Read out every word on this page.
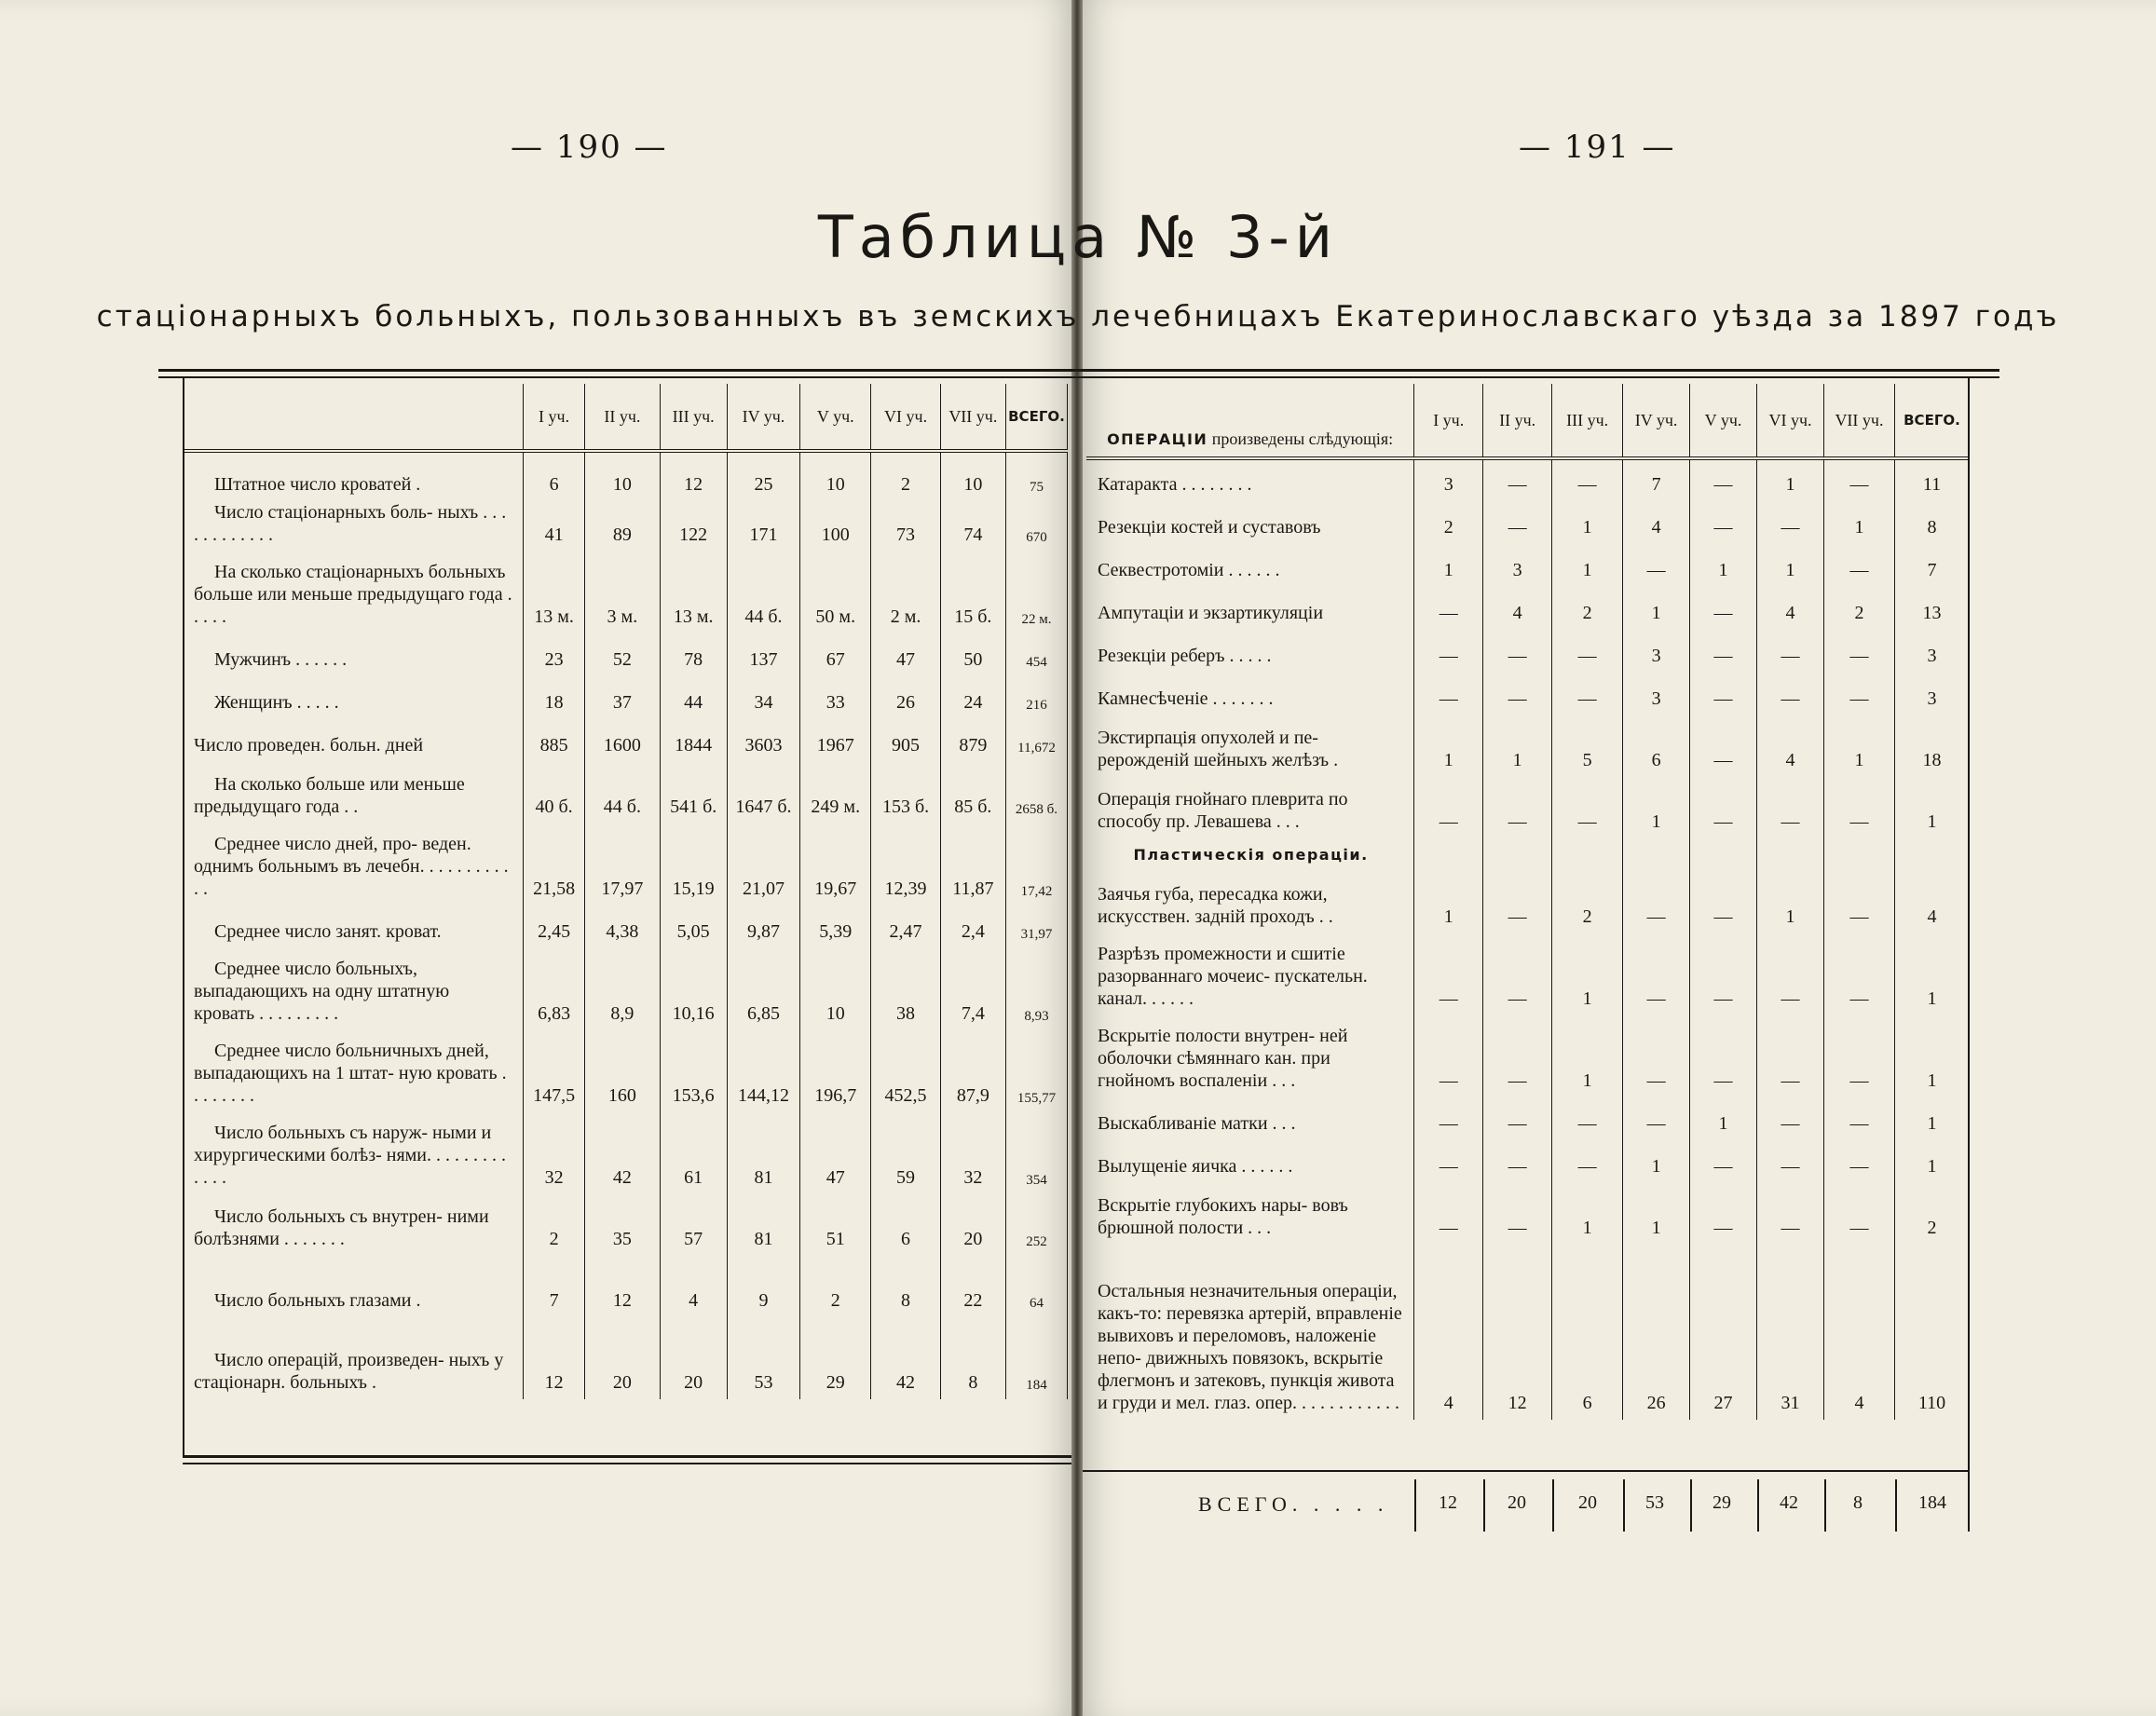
— 190 —	— 191 —
Таблица № 3-й
стаціонарныхъ больныхъ, пользованныхъ въ земскихъ лечебницахъ Екатеринославскаго уѣзда за 1897 годъ
	I уч.	II уч.	III уч.	IV уч.	V уч.	VI уч.	VII уч.	ВСЕГО.
Штатное число кроватей .	6	10	12	25	10	2	10	75
Число стаціонарныхъ боль- ныхъ . . . . . . . . . . . .	41	89	122	171	100	73	74	670
На сколько стаціонарныхъ больныхъ больше или меньше предыдущаго года . . . . .	13 м.	3 м.	13 м.	44 б.	50 м.	2 м.	15 б.	22 м.
Мужчинъ . . . . . .	23	52	78	137	67	47	50	454
Женщинъ . . . . .	18	37	44	34	33	26	24	216
Число проведен. больн. дней	885	1600	1844	3603	1967	905	879	11,672
На сколько больше или меньше предыдущаго года . .	40 б.	44 б.	541 б.	1647 б.	249 м.	153 б.	85 б.	2658 б.
Среднее число дней, про- веден. однимъ больнымъ въ лечебн. . . . . . . . . . . .	21,58	17,97	15,19	21,07	19,67	12,39	11,87	17,42
Среднее число занят. кроват.	2,45	4,38	5,05	9,87	5,39	2,47	2,4	31,97
Среднее число больныхъ, выпадающихъ на одну штатную кровать . . . . . . . . .	6,83	8,9	10,16	6,85	10	38	7,4	8,93
Среднее число больничныхъ дней, выпадающихъ на 1 штат- ную кровать . . . . . . . .	147,5	160	153,6	144,12	196,7	452,5	87,9	155,77
Число больныхъ съ наруж- ными и хирургическими болѣз- нями. . . . . . . . . . . . .	32	42	61	81	47	59	32	354
Число больныхъ съ внутрен- ними болѣзнями . . . . . . .	2	35	57	81	51	6	20	252
Число больныхъ глазами .	7	12	4	9	2	8	22	64
Число операцій, произведен- ныхъ у стаціонарн. больныхъ .	12	20	20	53	29	42	8	184
ОПЕРАЦІИ произведены слѣдующія:	I уч.	II уч.	III уч.	IV уч.	V уч.	VI уч.	VII уч.	ВСЕГО.
Катаракта . . . . . . . .	3	—	—	7	—	1	—	11
Резекціи костей и суставовъ	2	—	1	4	—	—	1	8
Секвестротоміи . . . . . .	1	3	1	—	1	1	—	7
Ампутаціи и экзартикуляціи	—	4	2	1	—	4	2	13
Резекціи реберъ . . . . .	—	—	—	3	—	—	—	3
Камнесѣченіе . . . . . . .	—	—	—	3	—	—	—	3
Экстирпація опухолей и пе- рерожденій шейныхъ желѣзъ .	1	1	5	6	—	4	1	18
Операція гнойнаго плеврита по способу пр. Левашева . . .	—	—	—	1	—	—	—	1
Пластическія операціи.								
Заячья губа, пересадка кожи, искусствен. задній проходъ . .	1	—	2	—	—	1	—	4
Разрѣзъ промежности и сшитіе разорваннаго мочеис- пускательн. канал. . . . . .	—	—	1	—	—	—	—	1
Вскрытіе полости внутрен- ней оболочки сѣмяннаго кан. при гнойномъ воспаленіи . . .	—	—	1	—	—	—	—	1
Выскабливаніе матки . . .	—	—	—	—	1	—	—	1
Вылущеніе яичка . . . . . .	—	—	—	1	—	—	—	1
Вскрытіе глубокихъ нары- вовъ брюшной полости . . .	—	—	1	1	—	—	—	2
Остальныя незначительныя операціи, какъ-то: перевязка артерій, вправленіе вывиховъ и переломовъ, наложеніе непо- движныхъ повязокъ, вскрытіе флегмонъ и затековъ, пункція живота и груди и мел. глаз. опер. . . . . . . . . . . .	4	12	6	26	27	31	4	110
ВСЕГО. . . . .	12	20	20	53	29	42	8	184
